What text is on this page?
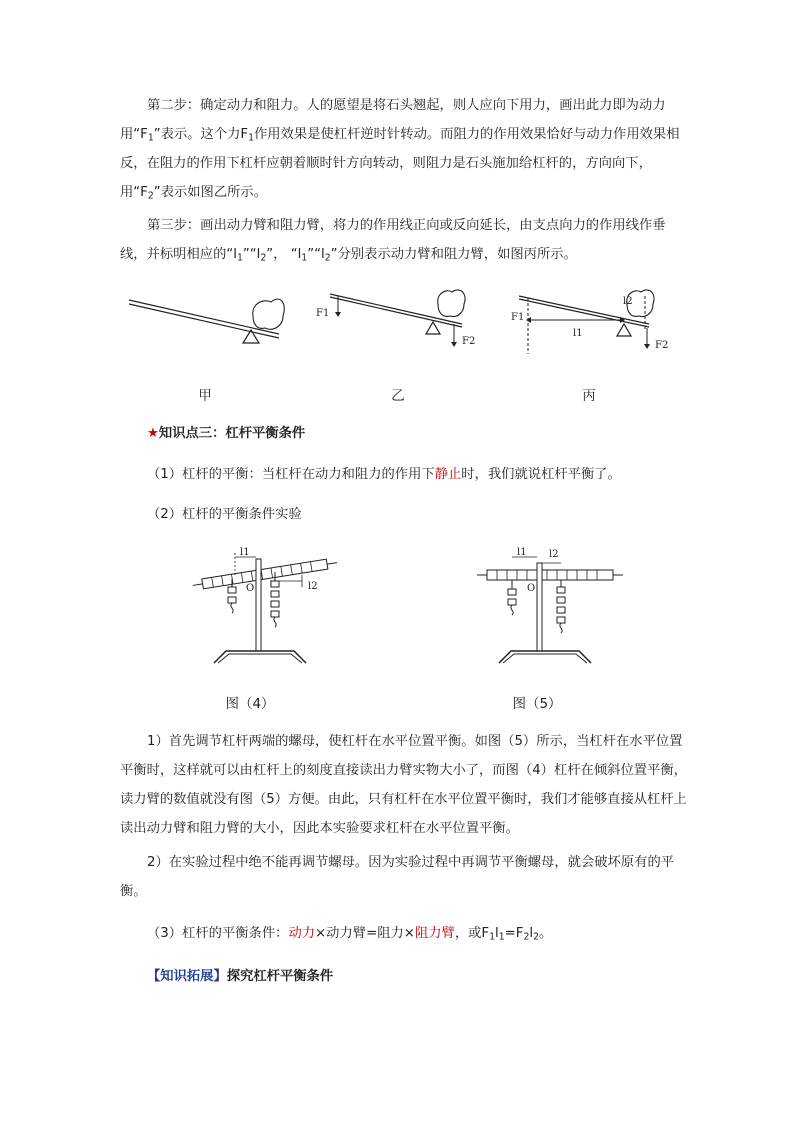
第二步：确定动力和阻力。人的愿望是将石头翘起，则人应向下用力，画出此力即为动力用“$F_1$”表示。这个力$F_1$作用效果是使杠杆逆时针转动。而阻力的作用效果恰好与动力作用效果相反，在阻力的作用下杠杆应朝着顺时针方向转动，则阻力是石头施加给杠杆的，方向向下，用“$F_2$”表示如图乙所示。
第三步：画出动力臂和阻力臂，将力的作用线正向或反向延长，由支点向力的作用线作垂线，并标明相应的“$l_1”“l_2$”， “$l_1”“l_2$”分别表示动力臂和阻力臂，如图丙所示。
F1
F2
l1
F1
l2
F2
甲	乙	丙
★知识点三：杠杆平衡条件
（1）杠杆的平衡：当杠杆在动力和阻力的作用下静止时，我们就说杠杆平衡了。
（2）杠杆的平衡条件实验
l1
l2
O
l1 l2
O
图（4）	图（5）
1）首先调节杠杆两端的螺母，使杠杆在水平位置平衡。如图（5）所示，当杠杆在水平位置平衡时，这样就可以由杠杆上的刻度直接读出力臂实物大小了，而图（4）杠杆在倾斜位置平衡，读力臂的数值就没有图（5）方便。由此，只有杠杆在水平位置平衡时，我们才能够直接从杠杆上读出动力臂和阻力臂的大小，因此本实验要求杠杆在水平位置平衡。
2）在实验过程中绝不能再调节螺母。因为实验过程中再调节平衡螺母，就会破坏原有的平衡。
（3）杠杆的平衡条件：动力×动力臂=阻力×阻力臂，或$F_1l_1=F_2l_2$。
【知识拓展】探究杠杆平衡条件
